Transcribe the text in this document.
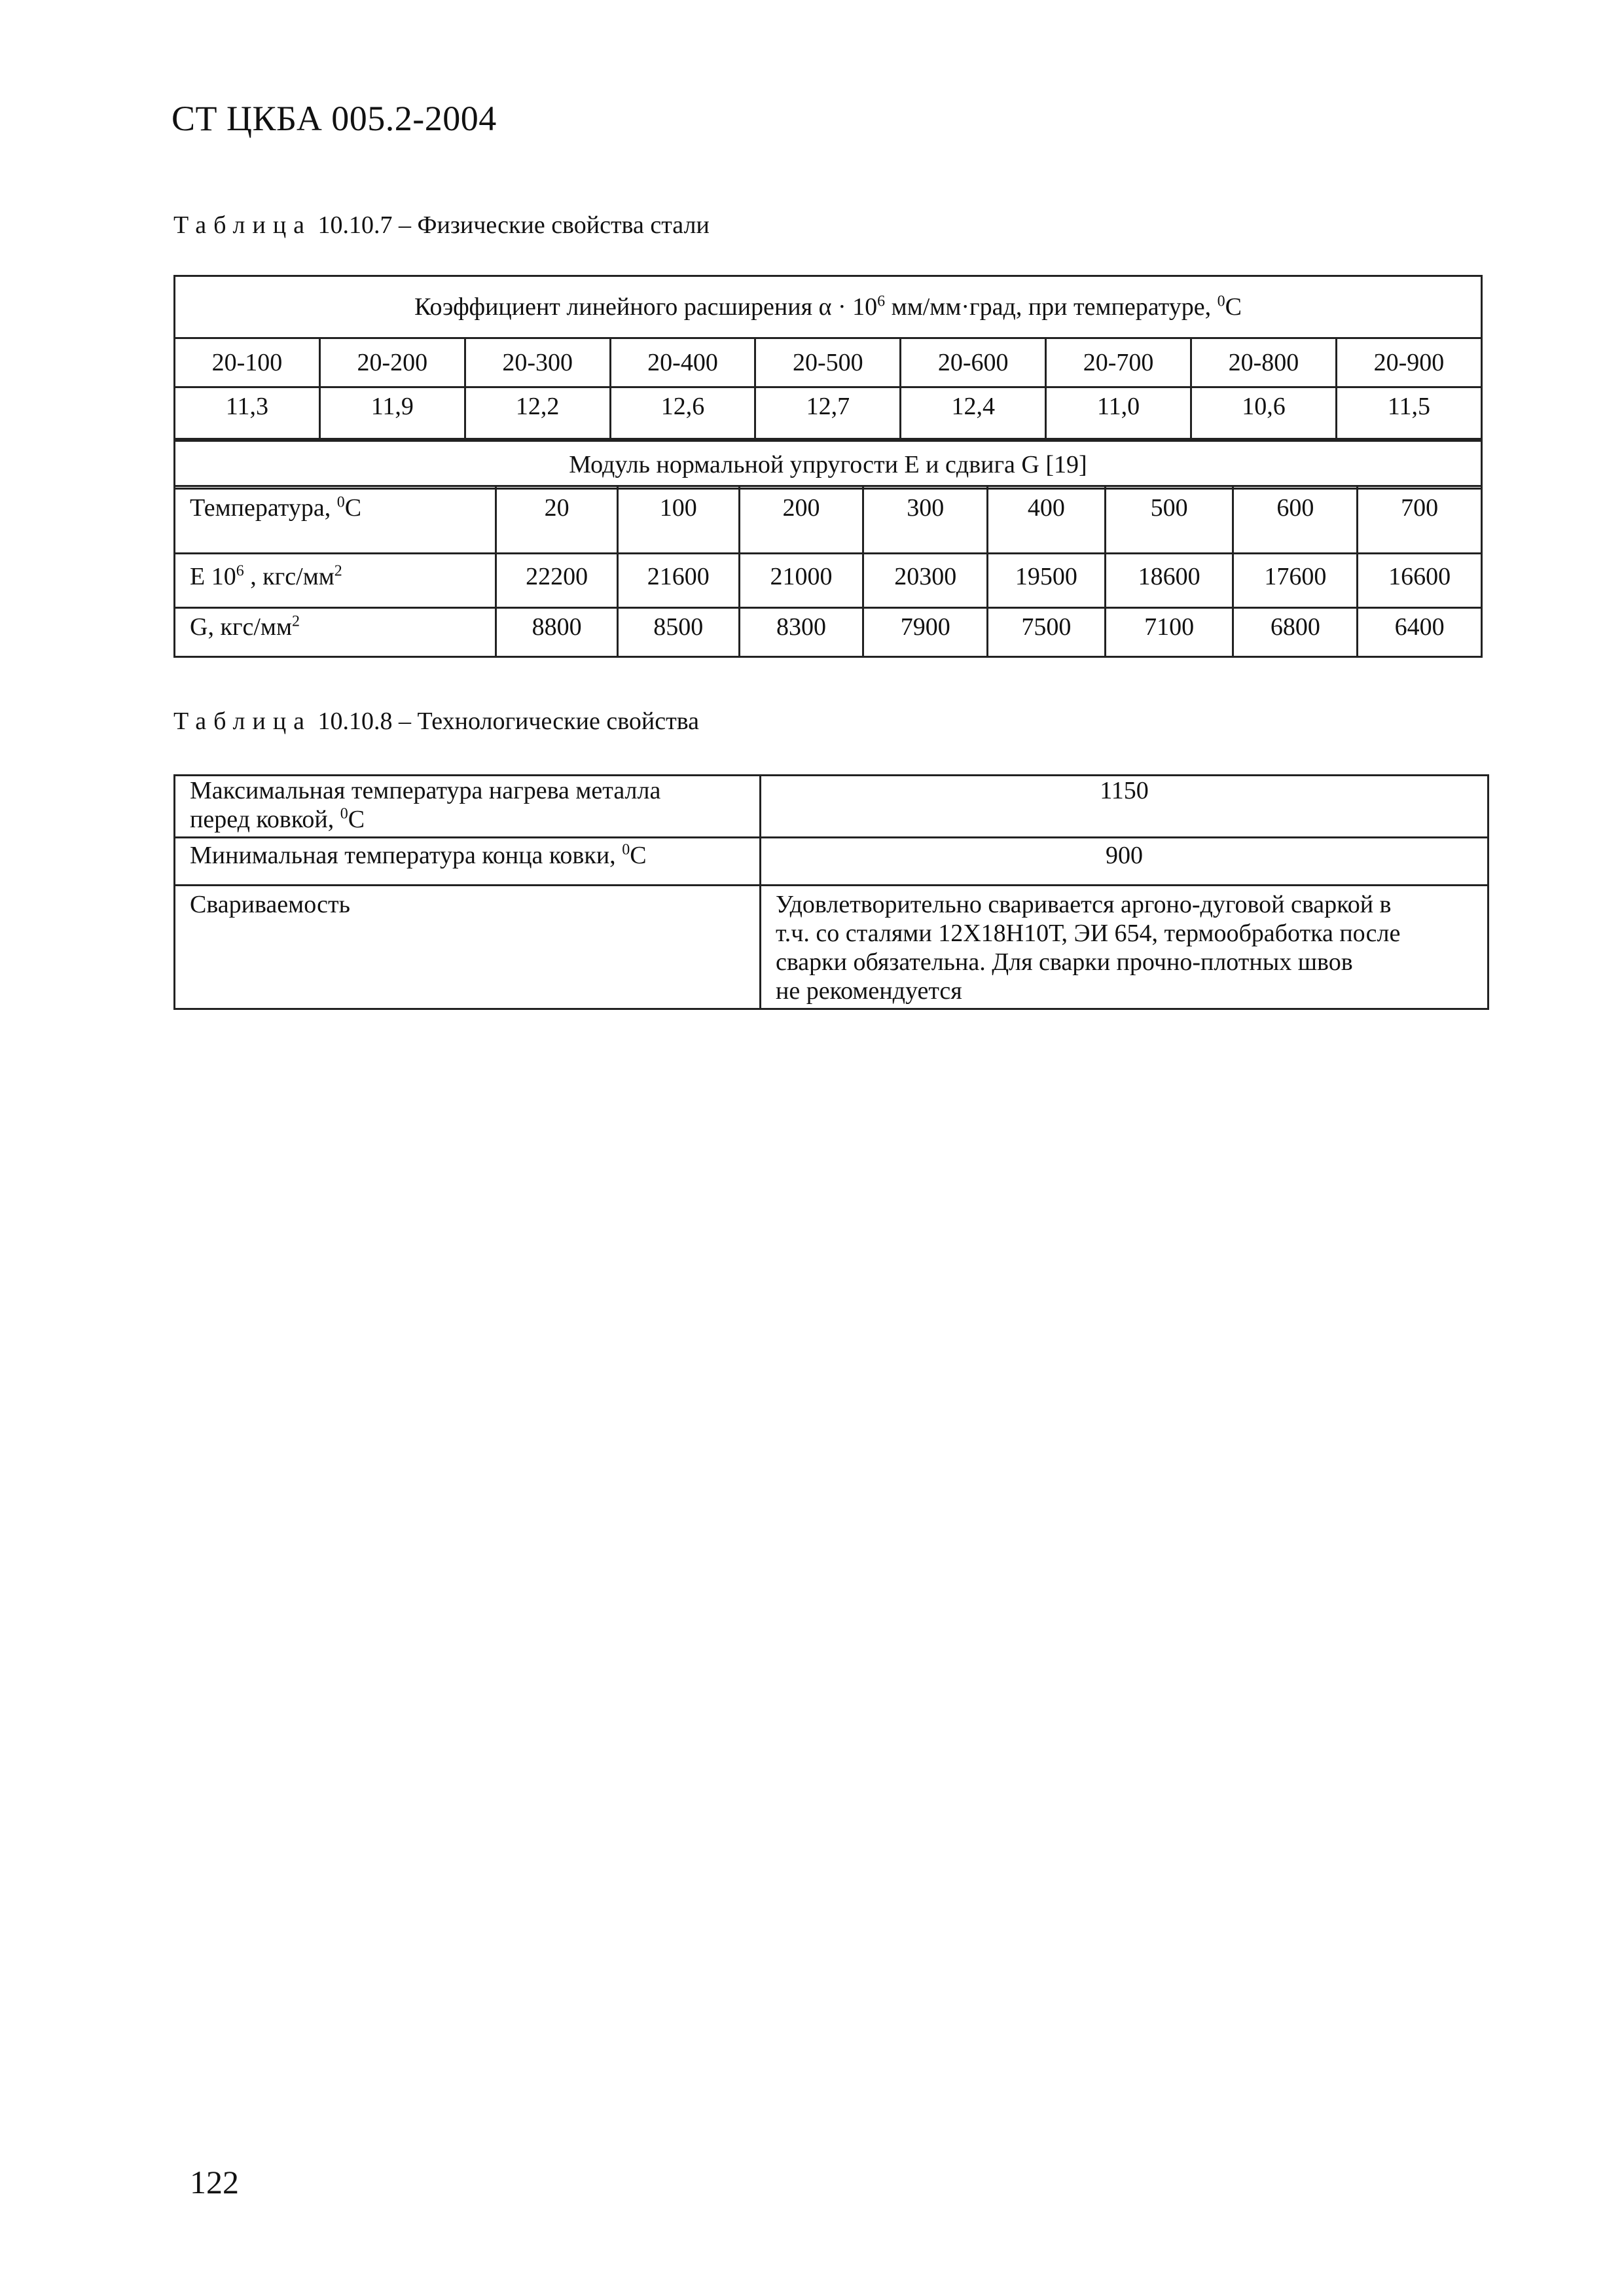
СТ ЦКБА 005.2-2004
Таблица 10.10.7 – Физические свойства стали
Коэффициент линейного расширения $\alpha \cdot 10^6$ мм/мм·град, при температуре, $^0$С								
20-100	20-200	20-300	20-400	20-500	20-600	20-700	20-800	20-900
11,3	11,9	12,2	12,6	12,7	12,4	11,0	10,6	11,5
Модуль нормальной упругости Е и сдвига G [19]								
Температура, $^0$С	20	100	200	300	400	500	600	700
Е $10^6$ , кгс/$мм^2$	22200	21600	21000	20300	19500	18600	17600	16600
G, кгс/$мм^2$	8800	8500	8300	7900	7500	7100	6800	6400
Таблица 10.10.8 – Технологические свойства
Максимальная температура нагрева металла
перед ковкой, $^0$С	1150
Минимальная температура конца ковки, $^0$С	900
Свариваемость	Удовлетворительно сваривается аргоно-дуговой сваркой в
т.ч. со сталями 12Х18Н10Т, ЭИ 654, термообработка после
сварки обязательна. Для сварки прочно-плотных швов
не рекомендуется
122
